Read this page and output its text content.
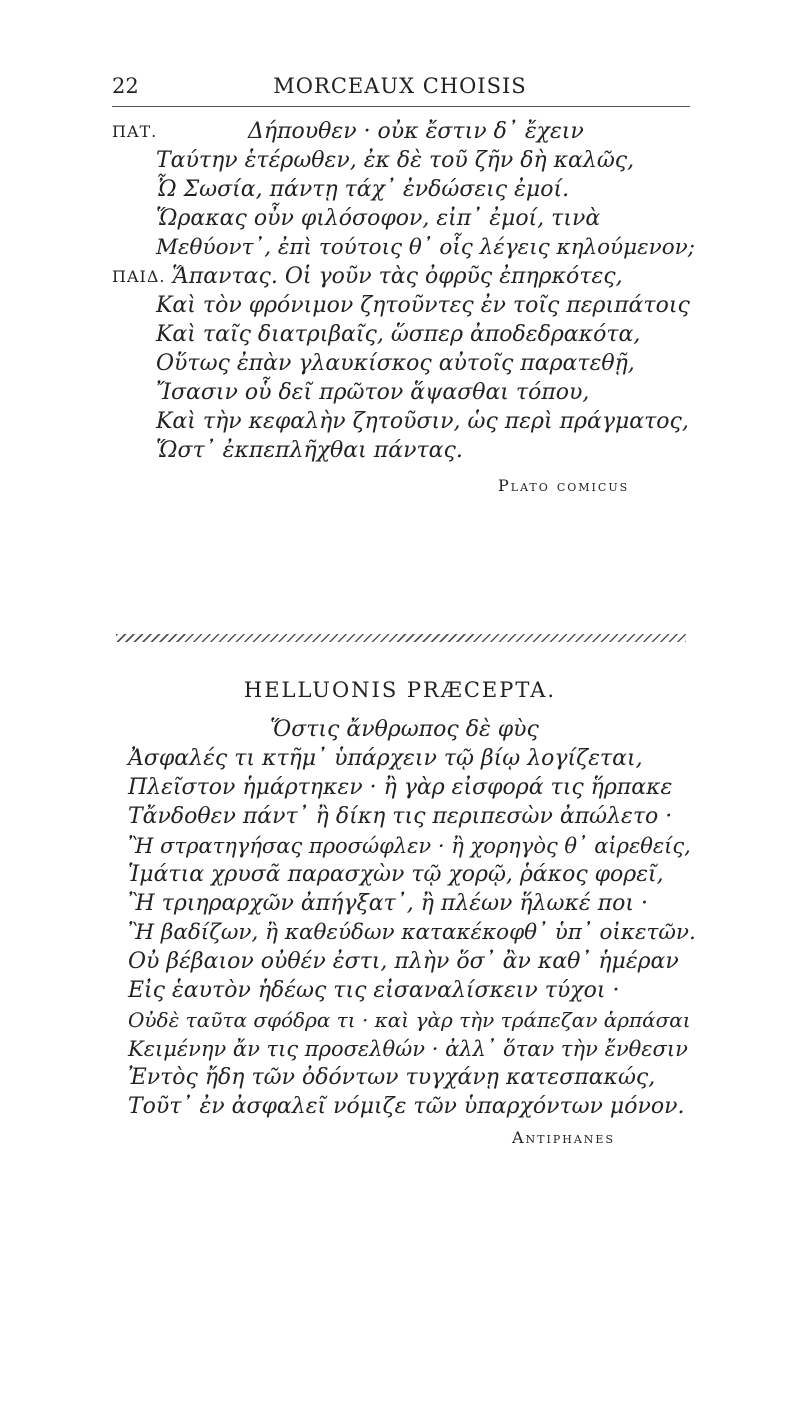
22	MORCEAUX CHOISIS
ΠΑΤ.	Δήπουθεν · οὐκ ἔστιν δ᾽ ἔχειν
Ταύτην ἑτέρωθεν, ἐκ δὲ τοῦ ζῆν δὴ καλῶς,
Ὦ Σωσία, πάντῃ τάχ᾽ ἐνδώσεις ἐμοί.
Ὥρακας οὖν φιλόσοφον, εἰπ᾽ ἐμοί, τινὰ
Μεθύοντ᾽, ἐπὶ τούτοις θ᾽ οἷς λέγεις κηλούμενον;
ΠΑΙΔ. Ἅπαντας. Οἱ γοῦν τὰς ὀφρῦς ἐπηρκότες,
Καὶ τὸν φρόνιμον ζητοῦντες ἐν τοῖς περιπάτοις
Καὶ ταῖς διατριβαῖς, ὥσπερ ἀποδεδρακότα,
Οὕτως ἐπὰν γλαυκίσκος αὐτοῖς παρατεθῇ,
Ἴσασιν οὗ δεῖ πρῶτον ἅψασθαι τόπου,
Καὶ τὴν κεφαλὴν ζητοῦσιν, ὡς περὶ πράγματος,
Ὥστ᾽ ἐκπεπλῆχθαι πάντας.
Plato comicus
HELLUONIS PRÆCEPTA.
Ὅστις ἄνθρωπος δὲ φὺς
Ἀσφαλές τι κτῆμ᾽ ὑπάρχειν τῷ βίῳ λογίζεται,
Πλεῖστον ἡμάρτηκεν · ἢ γὰρ εἰσφορά τις ἥρπακε
Τἄνδοθεν πάντ᾽ ἢ δίκη τις περιπεσὼν ἀπώλετο ·
Ἢ στρατηγήσας προσώφλεν · ἢ χορηγὸς θ᾽ αἱρεθείς,
Ἱμάτια χρυσᾶ παρασχὼν τῷ χορῷ, ῥάκος φορεῖ,
Ἢ τριηραρχῶν ἀπήγξατ᾽, ἢ πλέων ἥλωκέ ποι ·
Ἢ βαδίζων, ἢ καθεύδων κατακέκοφθ᾽ ὑπ᾽ οἰκετῶν.
Οὐ βέβαιον οὐθέν ἐστι, πλὴν ὅσ᾽ ἂν καθ᾽ ἡμέραν
Εἰς ἑαυτὸν ἡδέως τις εἰσαναλίσκειν τύχοι ·
Οὐδὲ ταῦτα σφόδρα τι · καὶ γὰρ τὴν τράπεζαν ἁρπάσαι
Κειμένην ἄν τις προσελθών · ἀλλ᾽ ὅταν τὴν ἔνθεσιν
Ἐντὸς ἤδη τῶν ὀδόντων τυγχάνῃ κατεσπακώς,
Τοῦτ᾽ ἐν ἀσφαλεῖ νόμιζε τῶν ὑπαρχόντων μόνον.
Antiphanes
